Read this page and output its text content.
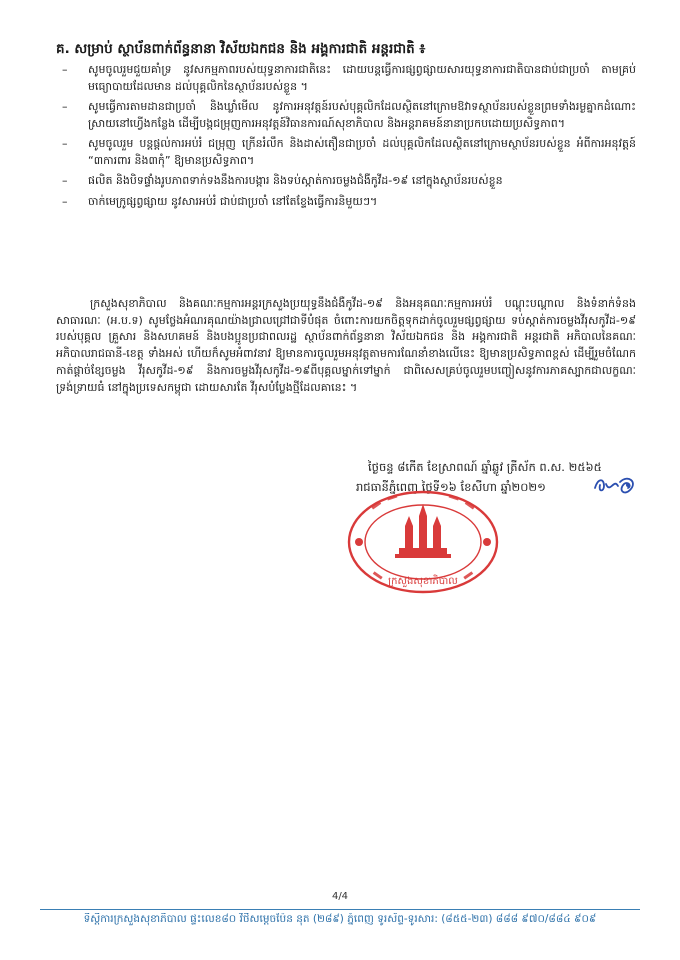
គ. សម្រាប់ ស្ថាប័នពាក់ព័ន្ធនានា វិស័យឯកជន និង អង្គការជាតិ អន្តរជាតិ ៖
– សូមចូលរួមជួយគាំទ្រ នូវសកម្មភាពរបស់យុទ្ធនាការជាតិនេះ ដោយបន្តធ្វើការផ្សព្វផ្សាយសារយុទ្ធនាការជាតិបានជាប់ជាប្រចាំ តាមគ្រប់មធ្យោបាយដែលមាន ដល់បុគ្គលិកនៃស្ថាប័នរបស់ខ្លួន ។
– សូមធ្វើការតាមដានជាប្រចាំ និងឃ្លាំមើល នូវការអនុវត្តន៍របស់បុគ្គលិកដែលស្ថិតនៅក្រោមឱវាទស្ថាប័នរបស់ខ្លួនព្រមទាំងរម្ងគ្នាកដំណោះស្រាយនៅហ្វើងកន្លែង ដើម្បីបង្កជម្រុញការអនុវត្តន៍វិធានការណ៍សុខាភិបាល និងអន្តរាគមន៍នានាប្រកបដោយប្រសិទ្ធភាព។
– សូមចូលរួម បន្តផ្តល់ការអប់រំ ជម្រុញ ក្រើនរំលឹក និងដាស់តឿនជាប្រចាំ ដល់បុគ្គលិកដែលស្ថិតនៅក្រោមស្ថាប័នរបស់ខ្លួន អំពីការអនុវត្តន៍ “៣ការពារ និង៣កុំ” ឱ្យមានប្រសិទ្ធភាព។
– ផលិត និងបិទផ្ទាំងរូបភាពទាក់ទងនឹងការបង្ការ និងទប់ស្កាត់ការចម្លងជំងឺកូវីដ-១៩ នៅក្នុងស្ថាប័នរបស់ខ្លួន
– ចាក់មេក្រូផ្សព្វផ្សាយ នូវសារអប់រំ ជាប់ជាប្រចាំ នៅតែខ្ទែងធ្វើការនិមួយៗ។
ក្រសួងសុខាភិបាល និងគណៈកម្មការអន្តរក្រសួងប្រយុទ្ធនឹងជំងឺកូវីដ-១៩ និងអនុគណៈកម្មការអប់រំ បណ្តុះបណ្តាល និងទំនាក់ទំនងសាធារណៈ (អ.ប.ទ) សូមថ្លែងអំណរគុណយ៉ាងជ្រាលជ្រៅជាទីបំផុត ចំពោះការយកចិត្តទុកដាក់ចូលរួមផ្សព្វផ្សាយ ទប់ស្កាត់ការចម្លងវីរុសកូវីដ-១៩ របស់បុគ្គល គ្រួសារ និងសហគមន៍ និងបងប្អូនប្រជាពលរដ្ឋ ស្ថាប័នពាក់ព័ន្ធនានា វិស័យឯកជន និង អង្គការជាតិ អន្តរជាតិ អភិបាលនៃគណៈអភិបាលរាជធានី-ខេត្ត ទាំងអស់ ហើយក៏សូមអំពាវនាវ ឱ្យមានការចូលរួមអនុវត្តតាមការណែនាំខាងលើនេះ ឱ្យមានប្រសិទ្ធភាពខ្ពស់ ដើម្បីរួមចំណែក កាត់ផ្តាច់ខ្សែចម្លង វីរុសកូវីដ-១៩ និងការចម្លងវីរុសកូវីដ-១៩ពីបុគ្គលម្នាក់ទៅម្នាក់ ជាពិសេសគ្រប់ចូលរួមបញ្ចៀសនូវការភាគស្បាកជាលក្ខណៈទ្រង់ទ្រាយធំ នៅក្នុងប្រទេសកម្ពុជា ដោយសារតែ វីរុសបំប្លែងថ្មីដែលគានេះ ។
ថ្ងៃចន្ទ ៨កើត ខែស្រាពណ៍ ឆ្នាំឆ្លូវ ត្រីស័ក ព.ស. ២៥៦៥
រាជធានីភ្នំពេញ ថ្ងៃទី១៦ ខែសីហា ឆ្នាំ២០២១
ក្រសួងសុខាភិបាល
4/4
ទីស្តីការក្រសួងសុខាភិបាល ផ្ទះលេខ៨០ វិថីសម្តេចប៉ែន នុត (២៨៩) ភ្នំពេញ ទូរស័ព្ទ-ទូរសារ: (៨៥៥-២៣) ៨៨៨ ៩៧០/៨៨៤ ៩០៩
